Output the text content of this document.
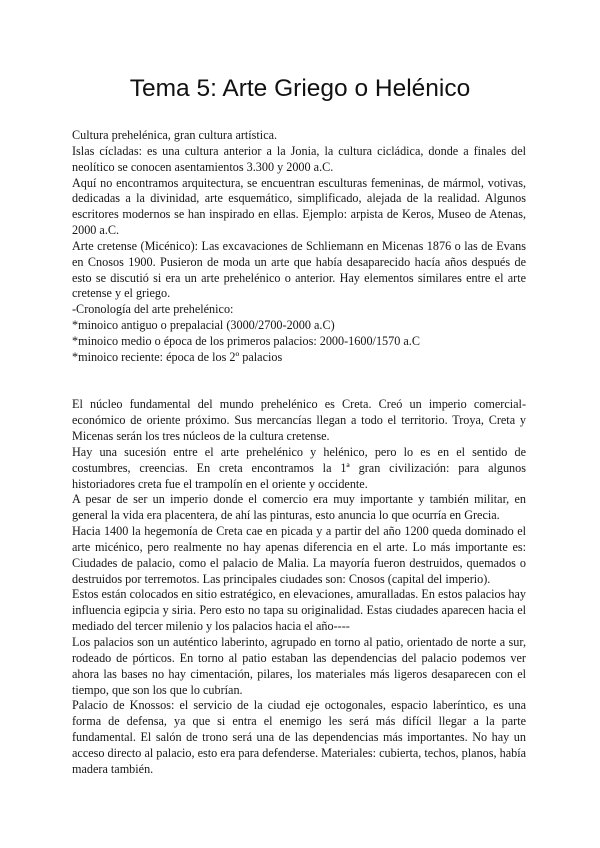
Tema 5: Arte Griego o Helénico

Cultura prehelénica, gran cultura artística.

Islas cícladas: es una cultura anterior a la Jonia, la cultura cicládica, donde a finales del neolítico se conocen asentamientos 3.300 y 2000 a.C.

Aquí no encontramos arquitectura, se encuentran esculturas femeninas, de mármol, votivas, dedicadas a la divinidad, arte esquemático, simplificado, alejada de la realidad. Algunos escritores modernos se han inspirado en ellas. Ejemplo: arpista de Keros, Museo de Atenas, 2000 a.C.

Arte cretense (Micénico): Las excavaciones de Schliemann en Micenas 1876 o las de Evans en Cnosos 1900. Pusieron de moda un arte que había desaparecido hacía años después de esto se discutió si era un arte prehelénico o anterior. Hay elementos similares entre el arte cretense y el griego.

-Cronología del arte prehelénico:

*minoico antiguo o prepalacial (3000/2700-2000 a.C)

*minoico medio o época de los primeros palacios: 2000-1600/1570 a.C

*minoico reciente: época de los 2º palacios

El núcleo fundamental del mundo prehelénico es Creta. Creó un imperio comercial-económico de oriente próximo. Sus mercancías llegan a todo el territorio. Troya, Creta y Micenas serán los tres núcleos de la cultura cretense.

Hay una sucesión entre el arte prehelénico y helénico, pero lo es en el sentido de costumbres, creencias. En creta encontramos la 1ª gran civilización: para algunos historiadores creta fue el trampolín en el oriente y occidente.

A pesar de ser un imperio donde el comercio era muy importante y también militar, en general la vida era placentera, de ahí las pinturas, esto anuncia lo que ocurría en Grecia.

Hacia 1400 la hegemonía de Creta cae en picada y a partir del año 1200 queda dominado el arte micénico, pero realmente no hay apenas diferencia en el arte. Lo más importante es: Ciudades de palacio, como el palacio de Malia. La mayoría fueron destruidos, quemados o destruidos por terremotos. Las principales ciudades son: Cnosos (capital del imperio).

Estos están colocados en sitio estratégico, en elevaciones, amuralladas. En estos palacios hay influencia egipcia y siria. Pero esto no tapa su originalidad. Estas ciudades aparecen hacia el mediado del tercer milenio y los palacios hacia el año----

Los palacios son un auténtico laberinto, agrupado en torno al patio, orientado de norte a sur, rodeado de pórticos. En torno al patio estaban las dependencias del palacio podemos ver ahora las bases no hay cimentación, pilares, los materiales más ligeros desaparecen con el tiempo, que son los que lo cubrían.

Palacio de Knossos: el servicio de la ciudad eje octogonales, espacio laberíntico, es una forma de defensa, ya que si entra el enemigo les será más difícil llegar a la parte fundamental. El salón de trono será una de las dependencias más importantes. No hay un acceso directo al palacio, esto era para defenderse. Materiales: cubierta, techos, planos, había madera también.
